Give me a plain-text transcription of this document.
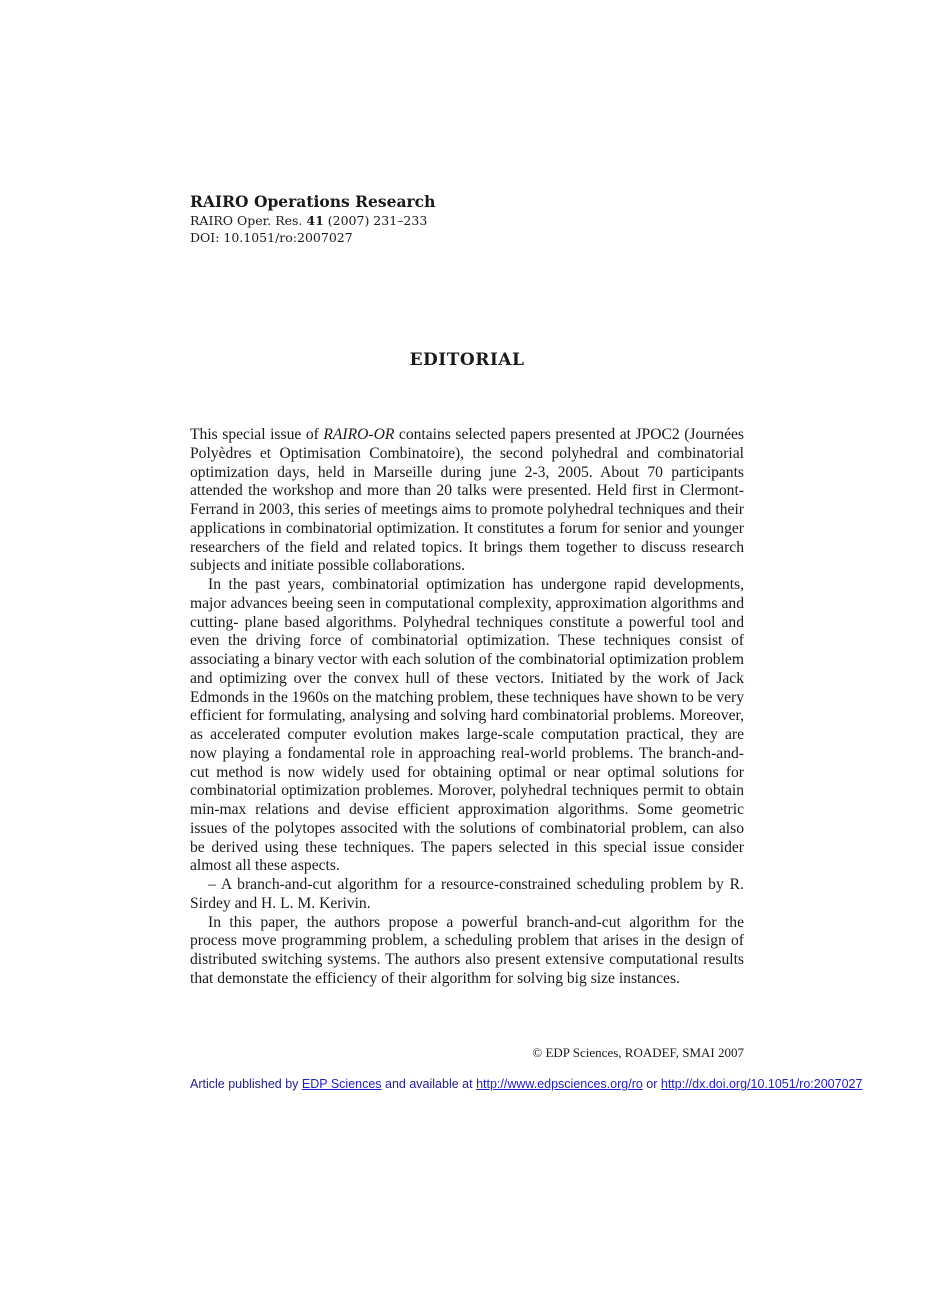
RAIRO Operations Research

RAIRO Oper. Res. 41 (2007) 231–233

DOI: 10.1051/ro:2007027

EDITORIAL

This special issue of RAIRO-OR contains selected papers presented at JPOC2 (Journées Polyèdres et Optimisation Combinatoire), the second polyhedral and combinatorial optimization days, held in Marseille during june 2-3, 2005. About 70 participants attended the workshop and more than 20 talks were presented. Held first in Clermont-Ferrand in 2003, this series of meetings aims to promote polyhedral techniques and their applications in combinatorial optimization. It constitutes a forum for senior and younger researchers of the field and related topics. It brings them together to discuss research subjects and initiate possible collaborations.

In the past years, combinatorial optimization has undergone rapid developments, major advances beeing seen in computational complexity, approximation algorithms and cutting- plane based algorithms. Polyhedral techniques constitute a powerful tool and even the driving force of combinatorial optimization. These techniques consist of associating a binary vector with each solution of the combinatorial optimization problem and optimizing over the convex hull of these vectors. Initiated by the work of Jack Edmonds in the 1960s on the matching problem, these techniques have shown to be very efficient for formulating, analysing and solving hard combinatorial problems. Moreover, as accelerated computer evolution makes large-scale computation practical, they are now playing a fondamental role in approaching real-world problems. The branch-and-cut method is now widely used for obtaining optimal or near optimal solutions for combinatorial optimization problemes. Morover, polyhedral techniques permit to obtain min-max relations and devise efficient approximation algorithms. Some geometric issues of the polytopes associted with the solutions of combinatorial problem, can also be derived using these techniques. The papers selected in this special issue consider almost all these aspects.

– A branch-and-cut algorithm for a resource-constrained scheduling problem by R. Sirdey and H. L. M. Kerivin.

In this paper, the authors propose a powerful branch-and-cut algorithm for the process move programming problem, a scheduling problem that arises in the design of distributed switching systems. The authors also present extensive computational results that demonstate the efficiency of their algorithm for solving big size instances.

© EDP Sciences, ROADEF, SMAI 2007
Article published by EDP Sciences and available at http://www.edpsciences.org/ro or http://dx.doi.org/10.1051/ro:2007027
